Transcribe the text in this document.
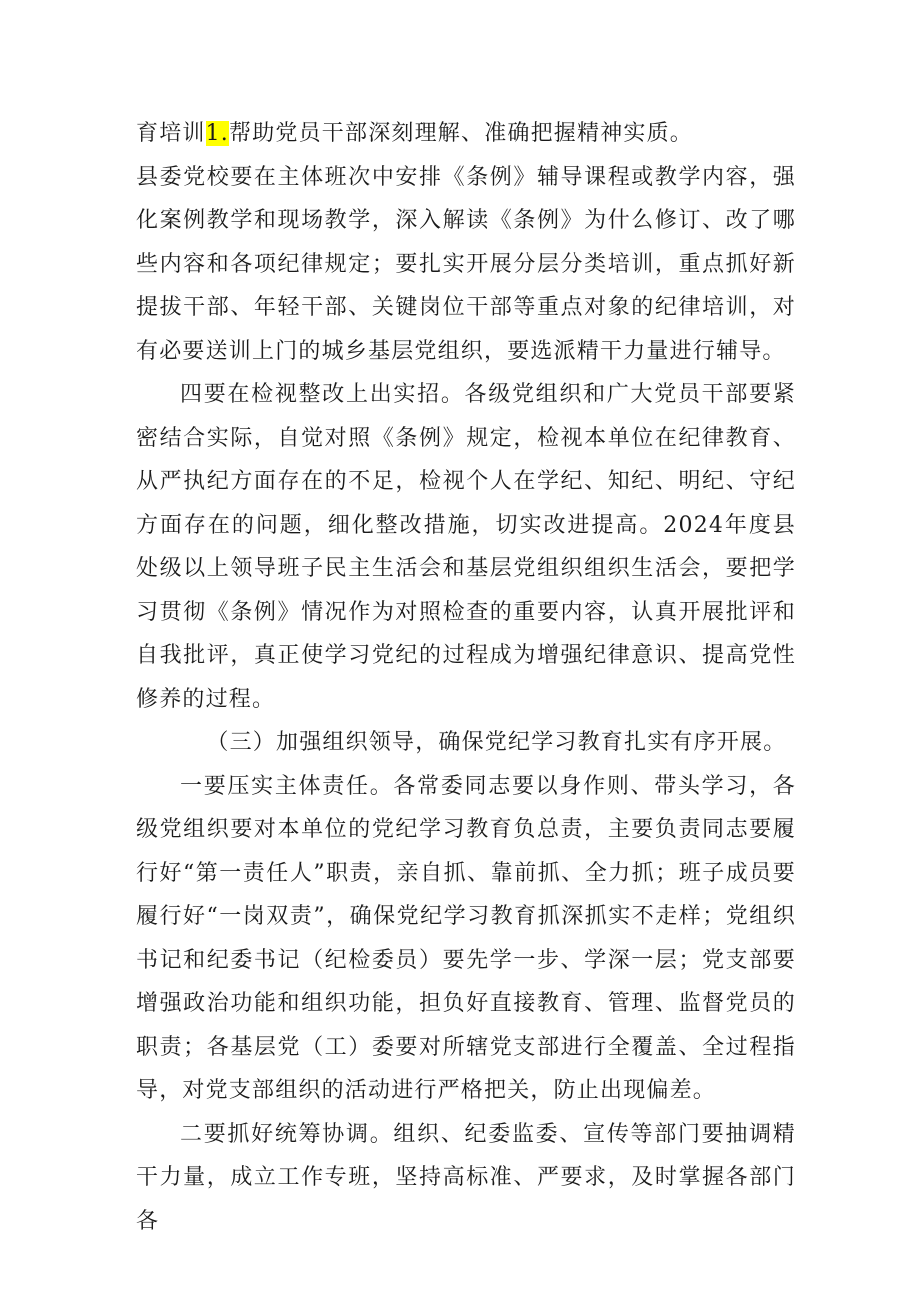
育培训1.帮助党员干部深刻理解、准确把握精神实质。

县委党校要在主体班次中安排《条例》辅导课程或教学内容，强化案例教学和现场教学，深入解读《条例》为什么修订、改了哪些内容和各项纪律规定；要扎实开展分层分类培训，重点抓好新提拔干部、年轻干部、关键岗位干部等重点对象的纪律培训，对有必要送训上门的城乡基层党组织，要选派精干力量进行辅导。

四要在检视整改上出实招。各级党组织和广大党员干部要紧密结合实际，自觉对照《条例》规定，检视本单位在纪律教育、从严执纪方面存在的不足，检视个人在学纪、知纪、明纪、守纪方面存在的问题，细化整改措施，切实改进提高。2024年度县处级以上领导班子民主生活会和基层党组织组织生活会，要把学习贯彻《条例》情况作为对照检查的重要内容，认真开展批评和自我批评，真正使学习党纪的过程成为增强纪律意识、提高党性修养的过程。

（三）加强组织领导，确保党纪学习教育扎实有序开展。

一要压实主体责任。各常委同志要以身作则、带头学习，各级党组织要对本单位的党纪学习教育负总责，主要负责同志要履行好“第一责任人”职责，亲自抓、靠前抓、全力抓；班子成员要履行好“一岗双责”，确保党纪学习教育抓深抓实不走样；党组织书记和纪委书记（纪检委员）要先学一步、学深一层；党支部要增强政治功能和组织功能，担负好直接教育、管理、监督党员的职责；各基层党（工）委要对所辖党支部进行全覆盖、全过程指导，对党支部组织的活动进行严格把关，防止出现偏差。

二要抓好统筹协调。组织、纪委监委、宣传等部门要抽调精干力量，成立工作专班，坚持高标准、严要求，及时掌握各部门各
